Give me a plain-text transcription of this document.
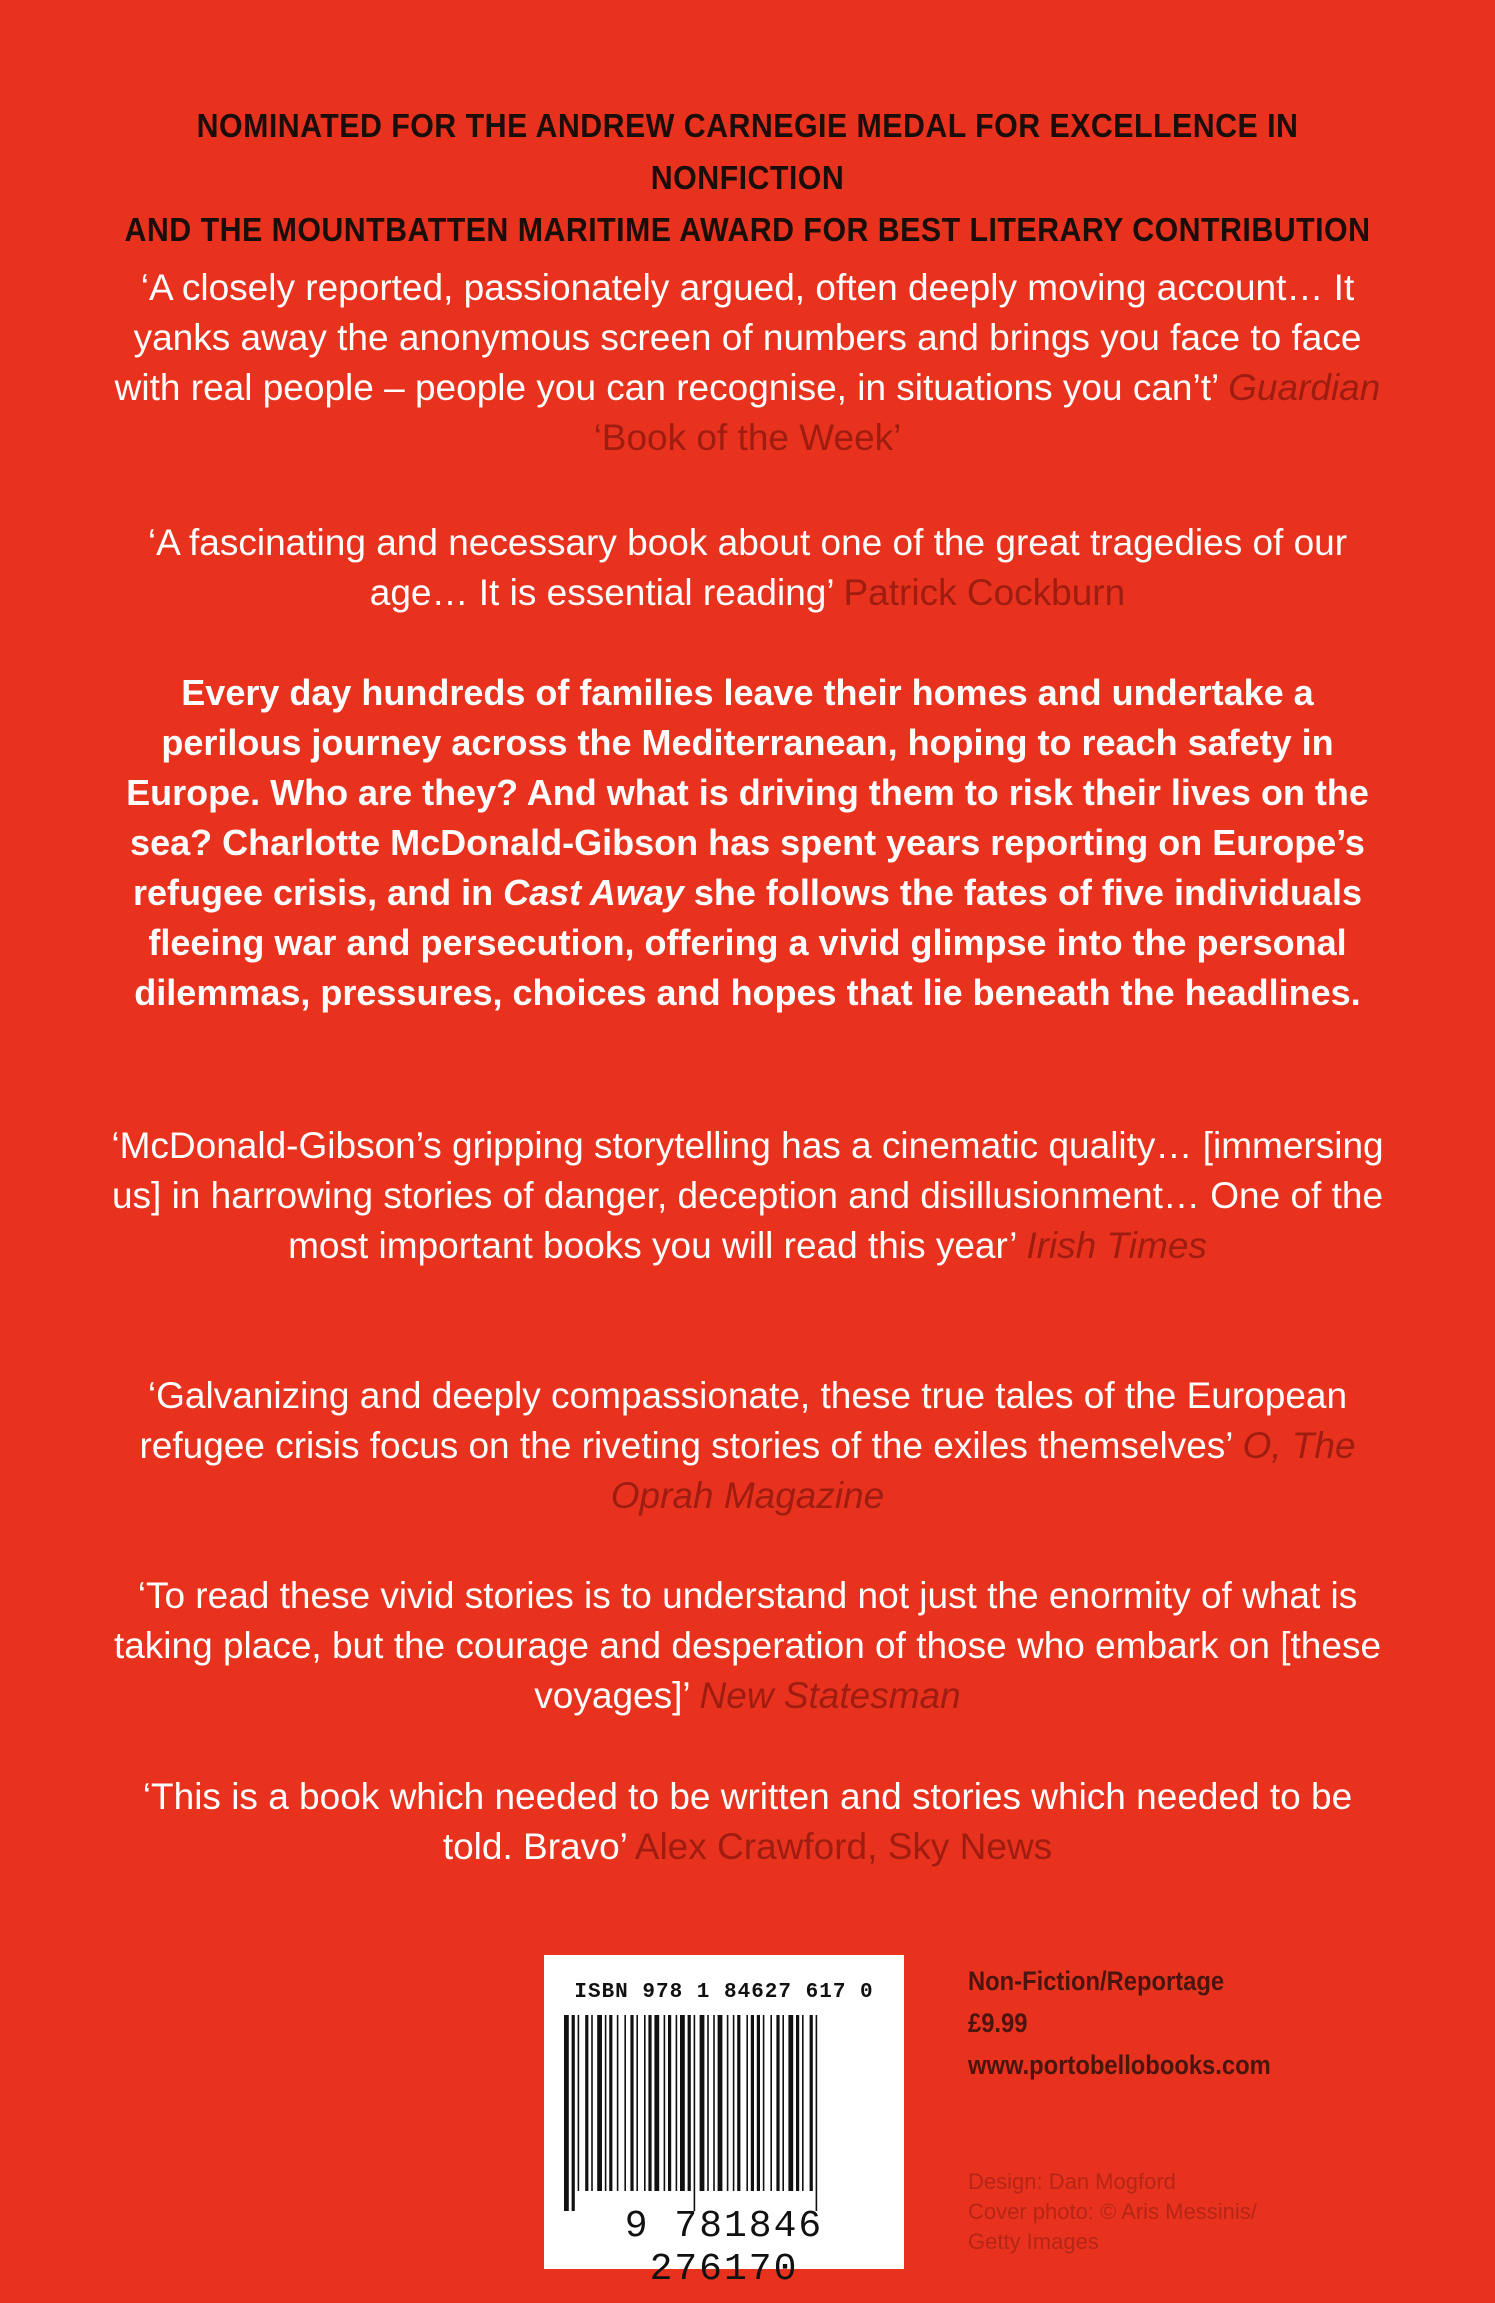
NOMINATED FOR THE ANDREW CARNEGIE MEDAL FOR EXCELLENCE IN NONFICTION
AND THE MOUNTBATTEN MARITIME AWARD FOR BEST LITERARY CONTRIBUTION
‘A closely reported, passionately argued, often deeply moving account… It yanks away the anonymous screen of numbers and brings you face to face with real people – people you can recognise, in situations you can’t’ Guardian ‘Book of the Week’
‘A fascinating and necessary book about one of the great tragedies of our age… It is essential reading’ Patrick Cockburn
Every day hundreds of families leave their homes and undertake a perilous journey across the Mediterranean, hoping to reach safety in Europe. Who are they? And what is driving them to risk their lives on the sea? Charlotte McDonald-Gibson has spent years reporting on Europe’s refugee crisis, and in Cast Away she follows the fates of five individuals fleeing war and persecution, offering a vivid glimpse into the personal dilemmas, pressures, choices and hopes that lie beneath the headlines.
‘McDonald-Gibson’s gripping storytelling has a cinematic quality… [immersing us] in harrowing stories of danger, deception and disillusionment… One of the most important books you will read this year’ Irish Times
‘Galvanizing and deeply compassionate, these true tales of the European refugee crisis focus on the riveting stories of the exiles themselves’ O, The Oprah Magazine
‘To read these vivid stories is to understand not just the enormity of what is taking place, but the courage and desperation of those who embark on [these voyages]’ New Statesman
‘This is a book which needed to be written and stories which needed to be told. Bravo’ Alex Crawford, Sky News
ISBN 978 1 84627 617 0
9 781846 276170
Non-Fiction/Reportage
£9.99
www.portobellobooks.com
Design: Dan Mogford
Cover photo: © Aris Messinis/
Getty Images
